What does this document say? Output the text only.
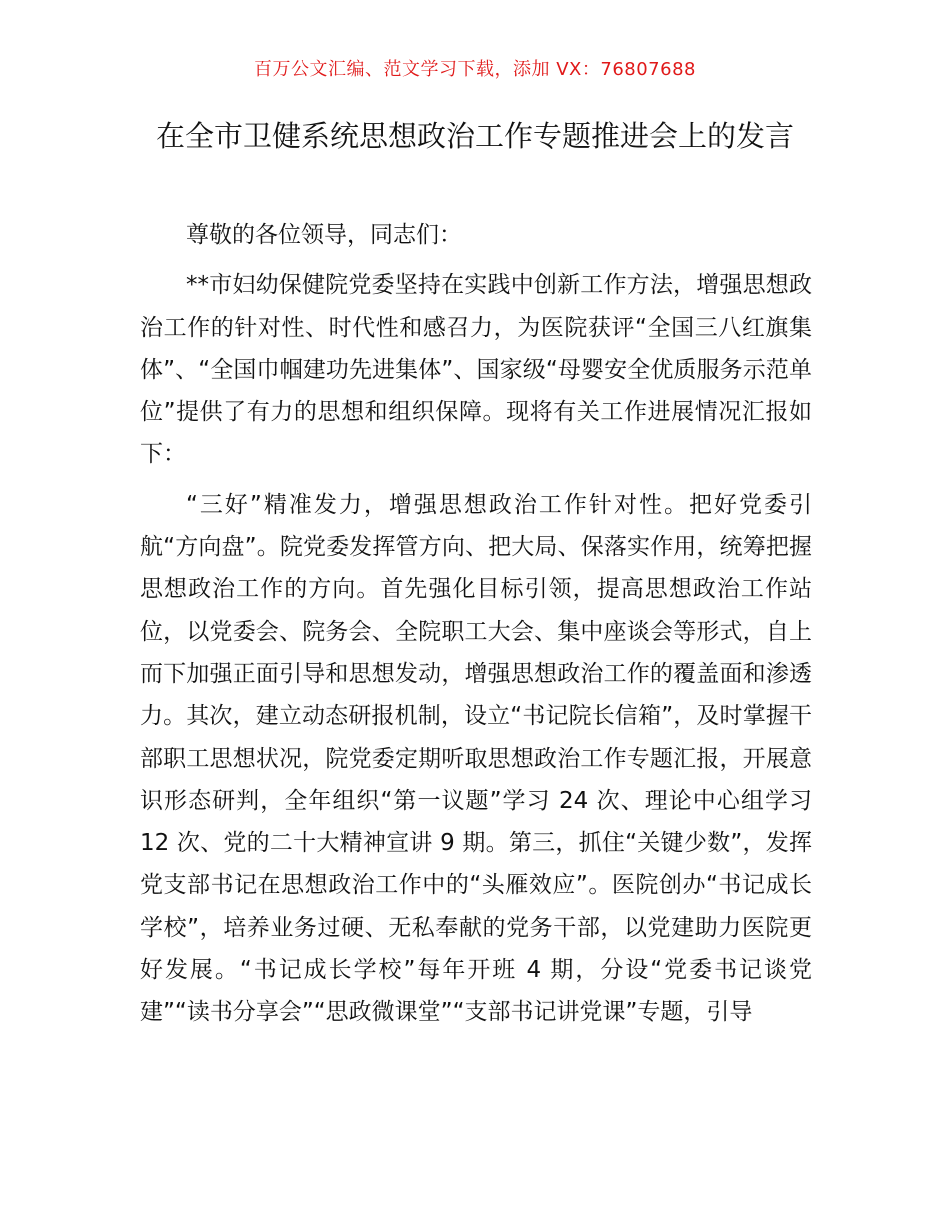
百万公文汇编、范文学习下载，添加 VX：76807688
在全市卫健系统思想政治工作专题推进会上的发言

尊敬的各位领导，同志们：

**市妇幼保健院党委坚持在实践中创新工作方法，增强思想政治工作的针对性、时代性和感召力，为医院获评“全国三八红旗集体”、“全国巾帼建功先进集体”、国家级“母婴安全优质服务示范单位”提供了有力的思想和组织保障。现将有关工作进展情况汇报如下：

“三好”精准发力，增强思想政治工作针对性。把好党委引航“方向盘”。院党委发挥管方向、把大局、保落实作用，统筹把握思想政治工作的方向。首先强化目标引领，提高思想政治工作站位，以党委会、院务会、全院职工大会、集中座谈会等形式，自上而下加强正面引导和思想发动，增强思想政治工作的覆盖面和渗透力。其次，建立动态研报机制，设立“书记院长信箱”，及时掌握干部职工思想状况，院党委定期听取思想政治工作专题汇报，开展意识形态研判，全年组织“第一议题”学习 24 次、理论中心组学习 12 次、党的二十大精神宣讲 9 期。第三，抓住“关键少数”，发挥党支部书记在思想政治工作中的“头雁效应”。医院创办“书记成长学校”，培养业务过硬、无私奉献的党务干部，以党建助力医院更好发展。“书记成长学校”每年开班 4 期，分设“党委书记谈党建”“读书分享会”“思政微课堂”“支部书记讲党课”专题，引导
